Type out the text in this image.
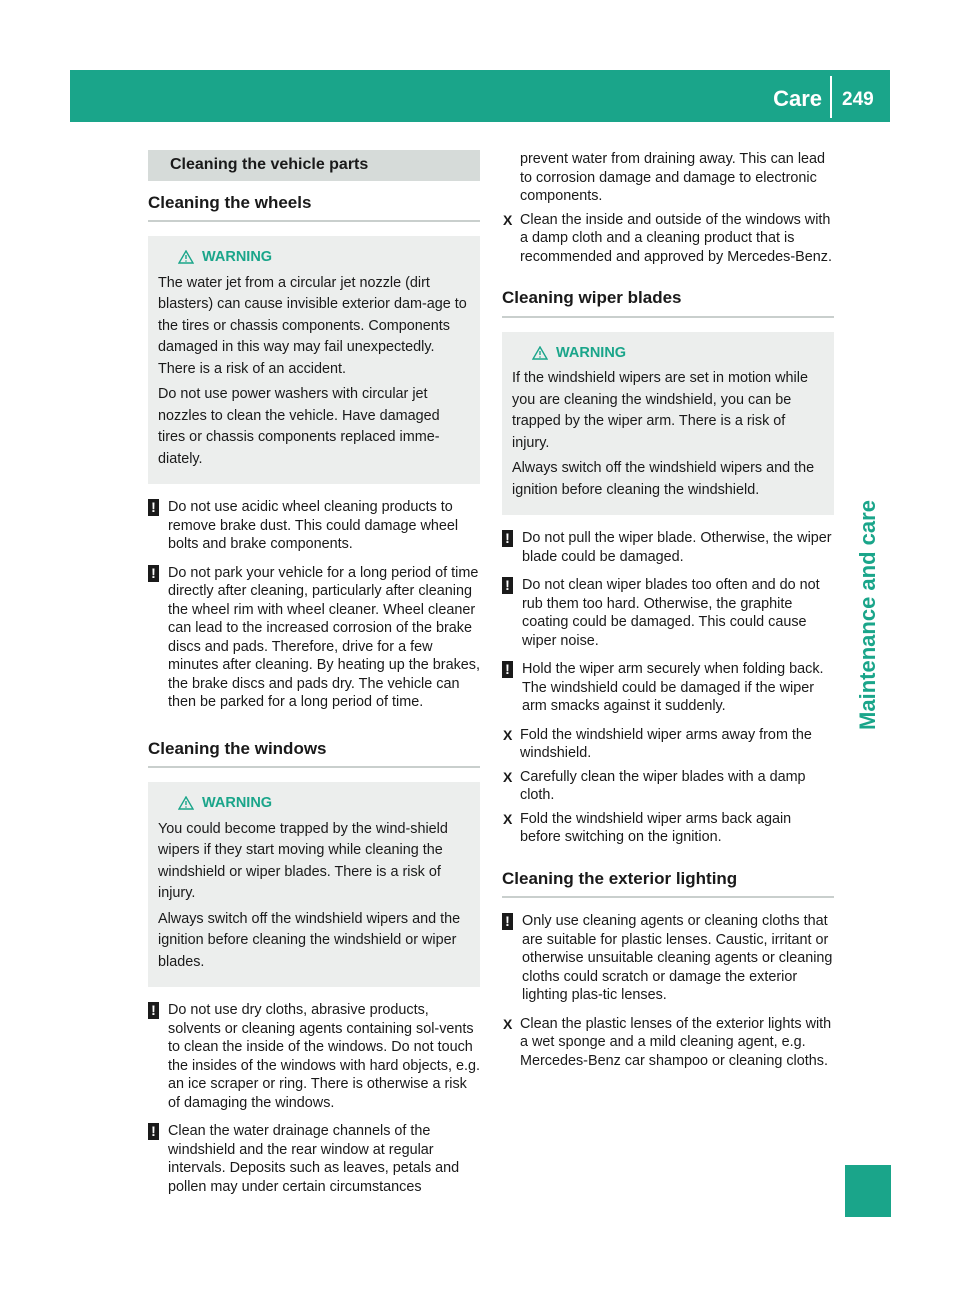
Care 249
Maintenance and care
Cleaning the vehicle parts
Cleaning the wheels
WARNING

The water jet from a circular jet nozzle (dirt blasters) can cause invisible exterior dam-age to the tires or chassis components. Components damaged in this way may fail unexpectedly. There is a risk of an accident.

Do not use power washers with circular jet nozzles to clean the vehicle. Have damaged tires or chassis components replaced imme-diately.

! Do not use acidic wheel cleaning products to remove brake dust. This could damage wheel bolts and brake components.
! Do not park your vehicle for a long period of time directly after cleaning, particularly after cleaning the wheel rim with wheel cleaner. Wheel cleaner can lead to the increased corrosion of the brake discs and pads. Therefore, drive for a few minutes after cleaning. By heating up the brakes, the brake discs and pads dry. The vehicle can then be parked for a long period of time.
Cleaning the windows
WARNING

You could become trapped by the wind-shield wipers if they start moving while cleaning the windshield or wiper blades. There is a risk of injury.

Always switch off the windshield wipers and the ignition before cleaning the windshield or wiper blades.

! Do not use dry cloths, abrasive products, solvents or cleaning agents containing sol-vents to clean the inside of the windows. Do not touch the insides of the windows with hard objects, e.g. an ice scraper or ring. There is otherwise a risk of damaging the windows.
! Clean the water drainage channels of the windshield and the rear window at regular intervals. Deposits such as leaves, petals and pollen may under certain circumstances
prevent water from draining away. This can lead to corrosion damage and damage to electronic components.
X Clean the inside and outside of the windows with a damp cloth and a cleaning product that is recommended and approved by Mercedes-Benz.
Cleaning wiper blades
WARNING

If the windshield wipers are set in motion while you are cleaning the windshield, you can be trapped by the wiper arm. There is a risk of injury.

Always switch off the windshield wipers and the ignition before cleaning the windshield.

! Do not pull the wiper blade. Otherwise, the wiper blade could be damaged.
! Do not clean wiper blades too often and do not rub them too hard. Otherwise, the graphite coating could be damaged. This could cause wiper noise.
! Hold the wiper arm securely when folding back. The windshield could be damaged if the wiper arm smacks against it suddenly.
X Fold the windshield wiper arms away from the windshield.
X Carefully clean the wiper blades with a damp cloth.
X Fold the windshield wiper arms back again before switching on the ignition.
Cleaning the exterior lighting
! Only use cleaning agents or cleaning cloths that are suitable for plastic lenses. Caustic, irritant or otherwise unsuitable cleaning agents or cleaning cloths could scratch or damage the exterior lighting plas-tic lenses.
X Clean the plastic lenses of the exterior lights with a wet sponge and a mild cleaning agent, e.g. Mercedes-Benz car shampoo or cleaning cloths.
